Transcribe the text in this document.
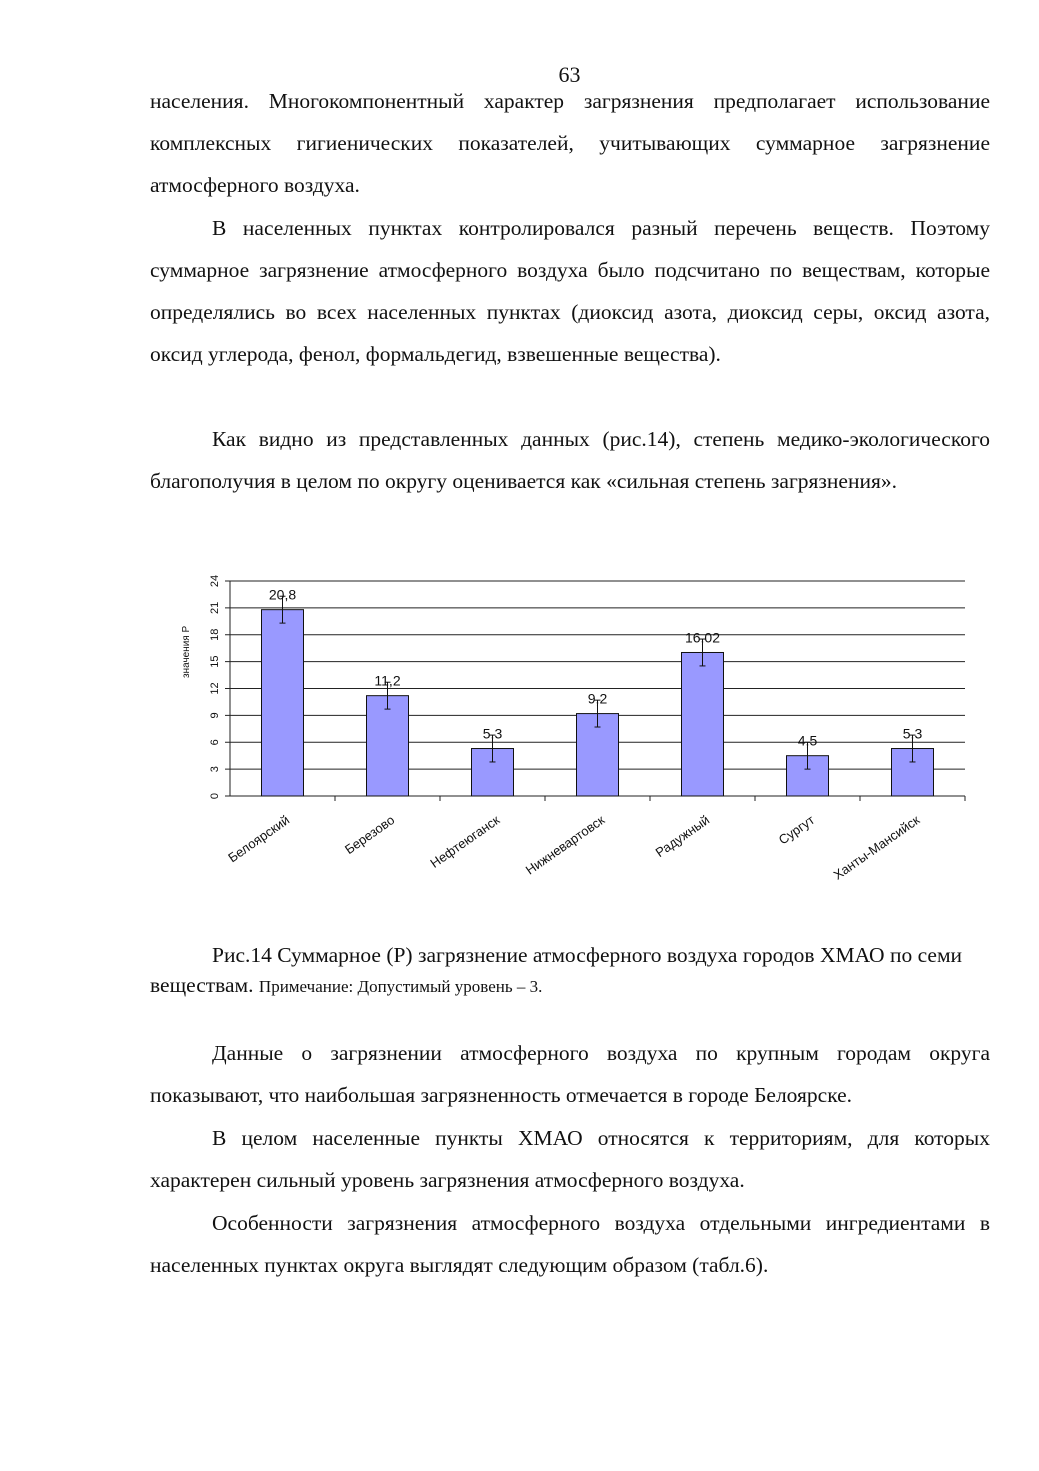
63

населения. Многокомпонентный характер загрязнения предполагает использование комплексных гигиенических показателей, учитывающих суммарное загрязнение атмосферного воздуха.

В населенных пунктах контролировался разный перечень веществ. Поэтому суммарное загрязнение атмосферного воздуха было подсчитано по веществам, которые определялись во всех населенных пунктах (диоксид азота, диоксид серы, оксид азота, оксид углерода, фенол, формальдегид, взвешенные вещества).

Как видно из представленных данных (рис.14), степень медико-экологического благополучия в целом по округу оценивается как «сильная степень загрязнения».

0
3
6
9
12
15
18
21
24
значения Р
20,8
Белоярский
11,2
Березово
5,3
Нефтеюганск
9,2
Нижневартовск
16,02
Радужный
4,5
Сургут
5,3
Ханты-Мансийск

Рис.14 Суммарное (Р) загрязнение атмосферного воздуха городов ХМАО по семи веществам. Примечание: Допустимый уровень – 3.

Данные о загрязнении атмосферного воздуха по крупным городам округа показывают, что наибольшая загрязненность отмечается в городе Белоярске.

В целом населенные пункты ХМАО относятся к территориям, для которых характерен сильный уровень загрязнения атмосферного воздуха.

Особенности загрязнения атмосферного воздуха отдельными ингредиентами в населенных пунктах округа выглядят следующим образом (табл.6).
